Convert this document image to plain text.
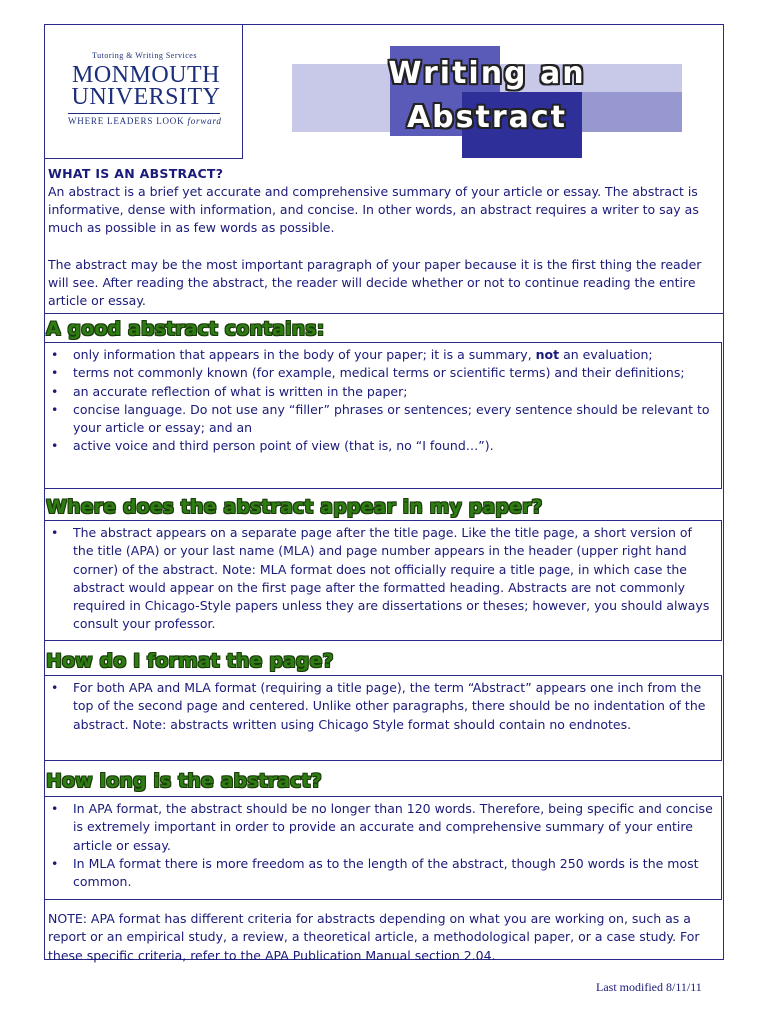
Tutoring & Writing Services
MONMOUTH
UNIVERSITY
WHERE LEADERS LOOK forward
Writing an
Abstract
WHAT IS AN ABSTRACT?
An abstract is a brief yet accurate and comprehensive summary of your article or essay. The abstract is informative, dense with information, and concise. In other words, an abstract requires a writer to say as much as possible in as few words as possible.
The abstract may be the most important paragraph of your paper because it is the first thing the reader will see. After reading the abstract, the reader will decide whether or not to continue reading the entire article or essay.
A good abstract contains:
• only information that appears in the body of your paper; it is a summary, not an evaluation;
• terms not commonly known (for example, medical terms or scientific terms) and their definitions;
• an accurate reflection of what is written in the paper;
• concise language. Do not use any “filler” phrases or sentences; every sentence should be relevant to your article or essay; and an
• active voice and third person point of view (that is, no “I found…”).
Where does the abstract appear in my paper?
• The abstract appears on a separate page after the title page. Like the title page, a short version of the title (APA) or your last name (MLA) and page number appears in the header (upper right hand corner) of the abstract. Note: MLA format does not officially require a title page, in which case the abstract would appear on the first page after the formatted heading. Abstracts are not commonly required in Chicago-Style papers unless they are dissertations or theses; however, you should always consult your professor.
How do I format the page?
• For both APA and MLA format (requiring a title page), the term “Abstract” appears one inch from the top of the second page and centered. Unlike other paragraphs, there should be no indentation of the abstract. Note: abstracts written using Chicago Style format should contain no endnotes.
How long is the abstract?
• In APA format, the abstract should be no longer than 120 words. Therefore, being specific and concise is extremely important in order to provide an accurate and comprehensive summary of your entire article or essay.
• In MLA format there is more freedom as to the length of the abstract, though 250 words is the most common.
NOTE: APA format has different criteria for abstracts depending on what you are working on, such as a report or an empirical study, a review, a theoretical article, a methodological paper, or a case study. For these specific criteria, refer to the APA Publication Manual section 2.04.
Last modified 8/11/11
